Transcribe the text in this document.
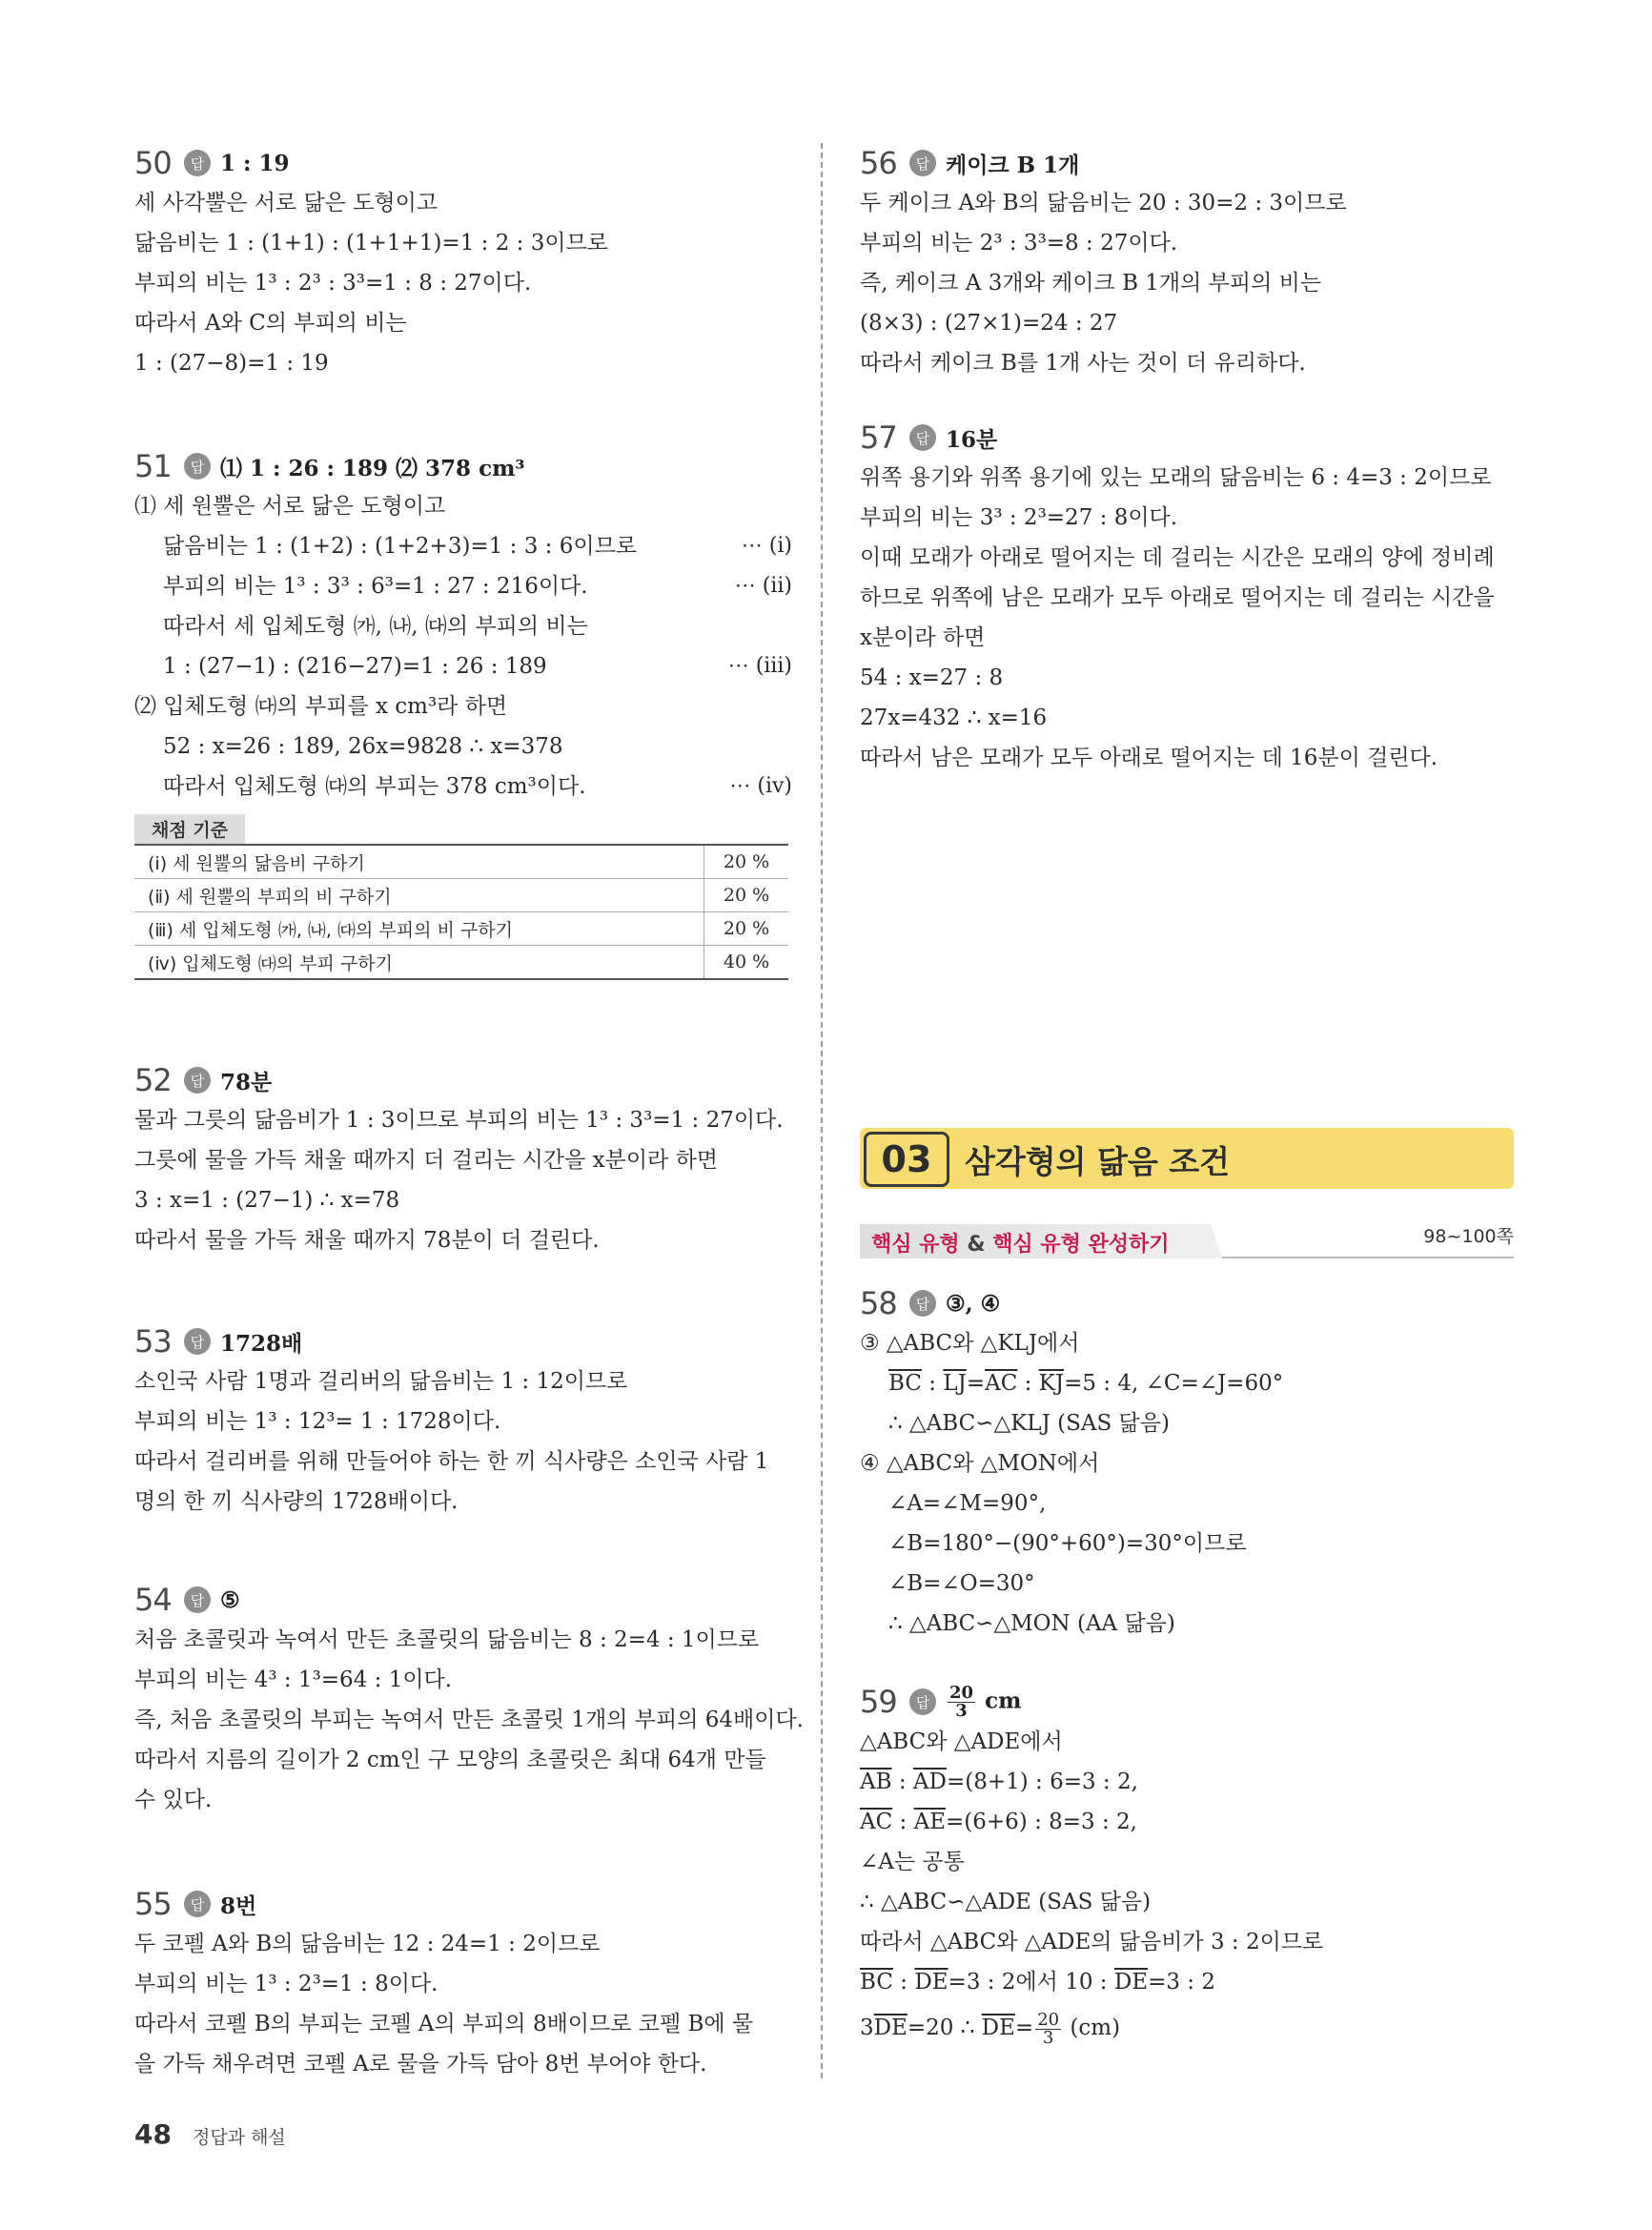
50	답 1 : 19
세 사각뿔은 서로 닮은 도형이고
닮음비는 1 : (1+1) : (1+1+1)=1 : 2 : 3이므로
부피의 비는 1³ : 2³ : 3³=1 : 8 : 27이다.
따라서 A와 C의 부피의 비는
1 : (27−8)=1 : 19
51	답 ⑴ 1 : 26 : 189 ⑵ 378 cm³
⑴ 세 원뿔은 서로 닮은 도형이고
닮음비는 1 : (1+2) : (1+2+3)=1 : 3 : 6이므로	⋯ (ⅰ)
부피의 비는 1³ : 3³ : 6³=1 : 27 : 216이다.	⋯ (ⅱ)
따라서 세 입체도형 ㈎, ㈏, ㈐의 부피의 비는
1 : (27−1) : (216−27)=1 : 26 : 189	⋯ (ⅲ)
⑵ 입체도형 ㈐의 부피를 x cm³라 하면
52 : x=26 : 189, 26x=9828 ∴ x=378
따라서 입체도형 ㈐의 부피는 378 cm³이다.	⋯ (ⅳ)
채점 기준
(ⅰ) 세 원뿔의 닮음비 구하기	20 %
(ⅱ) 세 원뿔의 부피의 비 구하기	20 %
(ⅲ) 세 입체도형 ㈎, ㈏, ㈐의 부피의 비 구하기	20 %
(ⅳ) 입체도형 ㈐의 부피 구하기	40 %
52	답 78분
물과 그릇의 닮음비가 1 : 3이므로 부피의 비는 1³ : 3³=1 : 27이다.
그릇에 물을 가득 채울 때까지 더 걸리는 시간을 x분이라 하면
3 : x=1 : (27−1) ∴ x=78
따라서 물을 가득 채울 때까지 78분이 더 걸린다.
53	답 1728배
소인국 사람 1명과 걸리버의 닮음비는 1 : 12이므로
부피의 비는 1³ : 12³= 1 : 1728이다.
따라서 걸리버를 위해 만들어야 하는 한 끼 식사량은 소인국 사람 1
명의 한 끼 식사량의 1728배이다.
54	답 ⑤
처음 초콜릿과 녹여서 만든 초콜릿의 닮음비는 8 : 2=4 : 1이므로
부피의 비는 4³ : 1³=64 : 1이다.
즉, 처음 초콜릿의 부피는 녹여서 만든 초콜릿 1개의 부피의 64배이다.
따라서 지름의 길이가 2 cm인 구 모양의 초콜릿은 최대 64개 만들
수 있다.
55	답 8번
두 코펠 A와 B의 닮음비는 12 : 24=1 : 2이므로
부피의 비는 1³ : 2³=1 : 8이다.
따라서 코펠 B의 부피는 코펠 A의 부피의 8배이므로 코펠 B에 물
을 가득 채우려면 코펠 A로 물을 가득 담아 8번 부어야 한다.
56	답 케이크 B 1개
두 케이크 A와 B의 닮음비는 20 : 30=2 : 3이므로
부피의 비는 2³ : 3³=8 : 27이다.
즉, 케이크 A 3개와 케이크 B 1개의 부피의 비는
(8×3) : (27×1)=24 : 27
따라서 케이크 B를 1개 사는 것이 더 유리하다.
57	답 16분
위쪽 용기와 위쪽 용기에 있는 모래의 닮음비는 6 : 4=3 : 2이므로
부피의 비는 3³ : 2³=27 : 8이다.
이때 모래가 아래로 떨어지는 데 걸리는 시간은 모래의 양에 정비례
하므로 위쪽에 남은 모래가 모두 아래로 떨어지는 데 걸리는 시간을
x분이라 하면
54 : x=27 : 8
27x=432 ∴ x=16
따라서 남은 모래가 모두 아래로 떨어지는 데 16분이 걸린다.
03	삼각형의 닮음 조건
핵심 유형 & 핵심 유형 완성하기	98~100쪽
58	답 ③, ④
③ △ABC와 △KLJ에서
$\overline{BC}$ : $\overline{LJ}=\overline{AC}$ : $\overline{KJ}=5$ : 4, ∠C=∠J=60°
∴ △ABC∽△KLJ (SAS 닮음)
④ △ABC와 △MON에서
∠A=∠M=90°,
∠B=180°−(90°+60°)=30°이므로
∠B=∠O=30°
∴ △ABC∽△MON (AA 닮음)
59	답	$\frac{20}{3}$ cm
△ABC와 △ADE에서
$\overline{AB}$ : $\overline{AD}=(8+1)$ : 6=3 : 2,
$\overline{AC}$ : $\overline{AE}=(6+6)$ : 8=3 : 2,
∠A는 공통
∴ △ABC∽△ADE (SAS 닮음)
따라서 △ABC와 △ADE의 닮음비가 3 : 2이므로
$\overline{BC}$ : $\overline{DE}=3$ : 2에서 10 : $\overline{DE}=3$ : 2
$3\overline{DE}=20$ ∴ $\overline{DE}= \frac{20}{3} (cm)$
48 정답과 해설
